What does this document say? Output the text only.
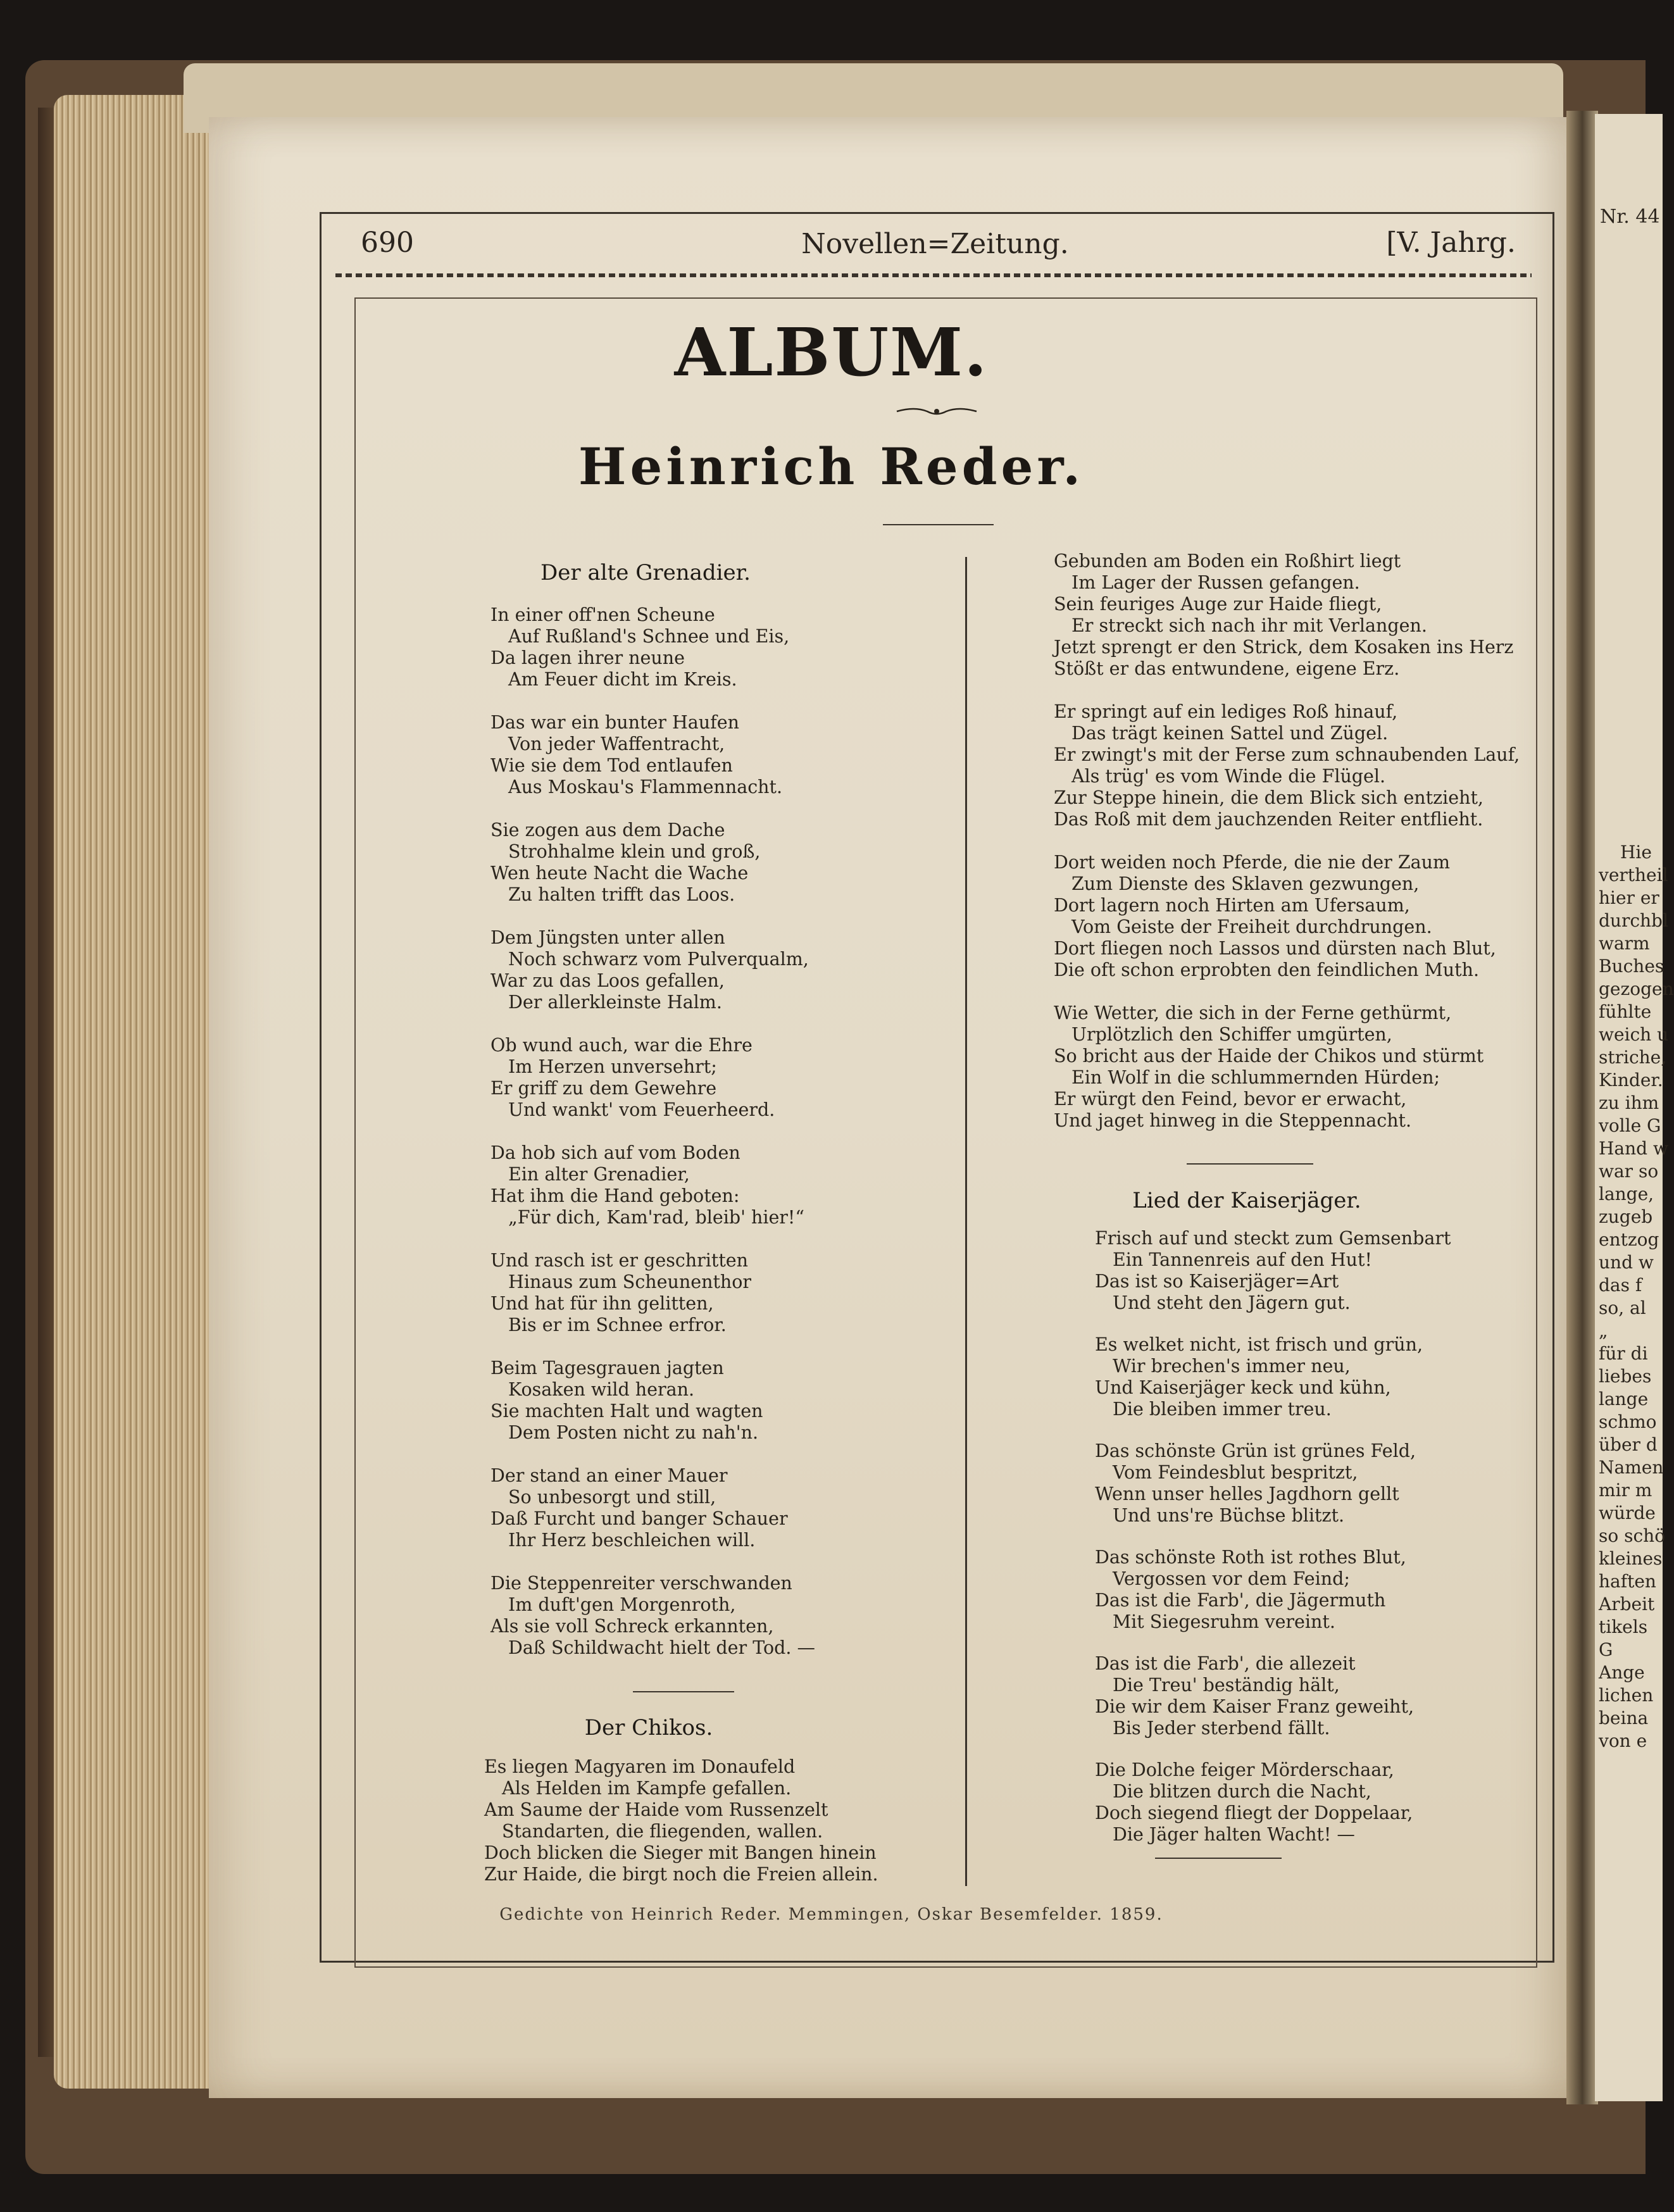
Nr. 44
Hie
vertheil
hier er
durchbl
warm
Buches
gezogen
fühlte
weich u
striche,
Kinder.
zu ihm
volle G
Hand w
war so
lange,
zugeb
entzog
und w
das f
so, al
„
für di
liebes
lange
schmo
über d
Namen
mir m
würde
so schö
kleines
haften
Arbeit
tikels
G
Ange
lichen
beina
von e
690	Novellen=Zeitung.	[V. Jahrg.
ALBUM.
Heinrich Reder.
Der alte Grenadier.
In einer off'nen Scheune
Auf Rußland's Schnee und Eis,
Da lagen ihrer neune
Am Feuer dicht im Kreis.
Das war ein bunter Haufen
Von jeder Waffentracht,
Wie sie dem Tod entlaufen
Aus Moskau's Flammennacht.
Sie zogen aus dem Dache
Strohhalme klein und groß,
Wen heute Nacht die Wache
Zu halten trifft das Loos.
Dem Jüngsten unter allen
Noch schwarz vom Pulverqualm,
War zu das Loos gefallen,
Der allerkleinste Halm.
Ob wund auch, war die Ehre
Im Herzen unversehrt;
Er griff zu dem Gewehre
Und wankt' vom Feuerheerd.
Da hob sich auf vom Boden
Ein alter Grenadier,
Hat ihm die Hand geboten:
„Für dich, Kam'rad, bleib' hier!“
Und rasch ist er geschritten
Hinaus zum Scheunenthor
Und hat für ihn gelitten,
Bis er im Schnee erfror.
Beim Tagesgrauen jagten
Kosaken wild heran.
Sie machten Halt und wagten
Dem Posten nicht zu nah'n.
Der stand an einer Mauer
So unbesorgt und still,
Daß Furcht und banger Schauer
Ihr Herz beschleichen will.
Die Steppenreiter verschwanden
Im duft'gen Morgenroth,
Als sie voll Schreck erkannten,
Daß Schildwacht hielt der Tod. —
Der Chikos.
Es liegen Magyaren im Donaufeld
Als Helden im Kampfe gefallen.
Am Saume der Haide vom Russenzelt
Standarten, die fliegenden, wallen.
Doch blicken die Sieger mit Bangen hinein
Zur Haide, die birgt noch die Freien allein.
Gebunden am Boden ein Roßhirt liegt
Im Lager der Russen gefangen.
Sein feuriges Auge zur Haide fliegt,
Er streckt sich nach ihr mit Verlangen.
Jetzt sprengt er den Strick, dem Kosaken ins Herz
Stößt er das entwundene, eigene Erz.
Er springt auf ein lediges Roß hinauf,
Das trägt keinen Sattel und Zügel.
Er zwingt's mit der Ferse zum schnaubenden Lauf,
Als trüg' es vom Winde die Flügel.
Zur Steppe hinein, die dem Blick sich entzieht,
Das Roß mit dem jauchzenden Reiter entflieht.
Dort weiden noch Pferde, die nie der Zaum
Zum Dienste des Sklaven gezwungen,
Dort lagern noch Hirten am Ufersaum,
Vom Geiste der Freiheit durchdrungen.
Dort fliegen noch Lassos und dürsten nach Blut,
Die oft schon erprobten den feindlichen Muth.
Wie Wetter, die sich in der Ferne gethürmt,
Urplötzlich den Schiffer umgürten,
So bricht aus der Haide der Chikos und stürmt
Ein Wolf in die schlummernden Hürden;
Er würgt den Feind, bevor er erwacht,
Und jaget hinweg in die Steppennacht.
Lied der Kaiserjäger.
Frisch auf und steckt zum Gemsenbart
Ein Tannenreis auf den Hut!
Das ist so Kaiserjäger=Art
Und steht den Jägern gut.
Es welket nicht, ist frisch und grün,
Wir brechen's immer neu,
Und Kaiserjäger keck und kühn,
Die bleiben immer treu.
Das schönste Grün ist grünes Feld,
Vom Feindesblut bespritzt,
Wenn unser helles Jagdhorn gellt
Und uns're Büchse blitzt.
Das schönste Roth ist rothes Blut,
Vergossen vor dem Feind;
Das ist die Farb', die Jägermuth
Mit Siegesruhm vereint.
Das ist die Farb', die allezeit
Die Treu' beständig hält,
Die wir dem Kaiser Franz geweiht,
Bis Jeder sterbend fällt.
Die Dolche feiger Mörderschaar,
Die blitzen durch die Nacht,
Doch siegend fliegt der Doppelaar,
Die Jäger halten Wacht! —
Gedichte von Heinrich Reder. Memmingen, Oskar Besemfelder. 1859.
